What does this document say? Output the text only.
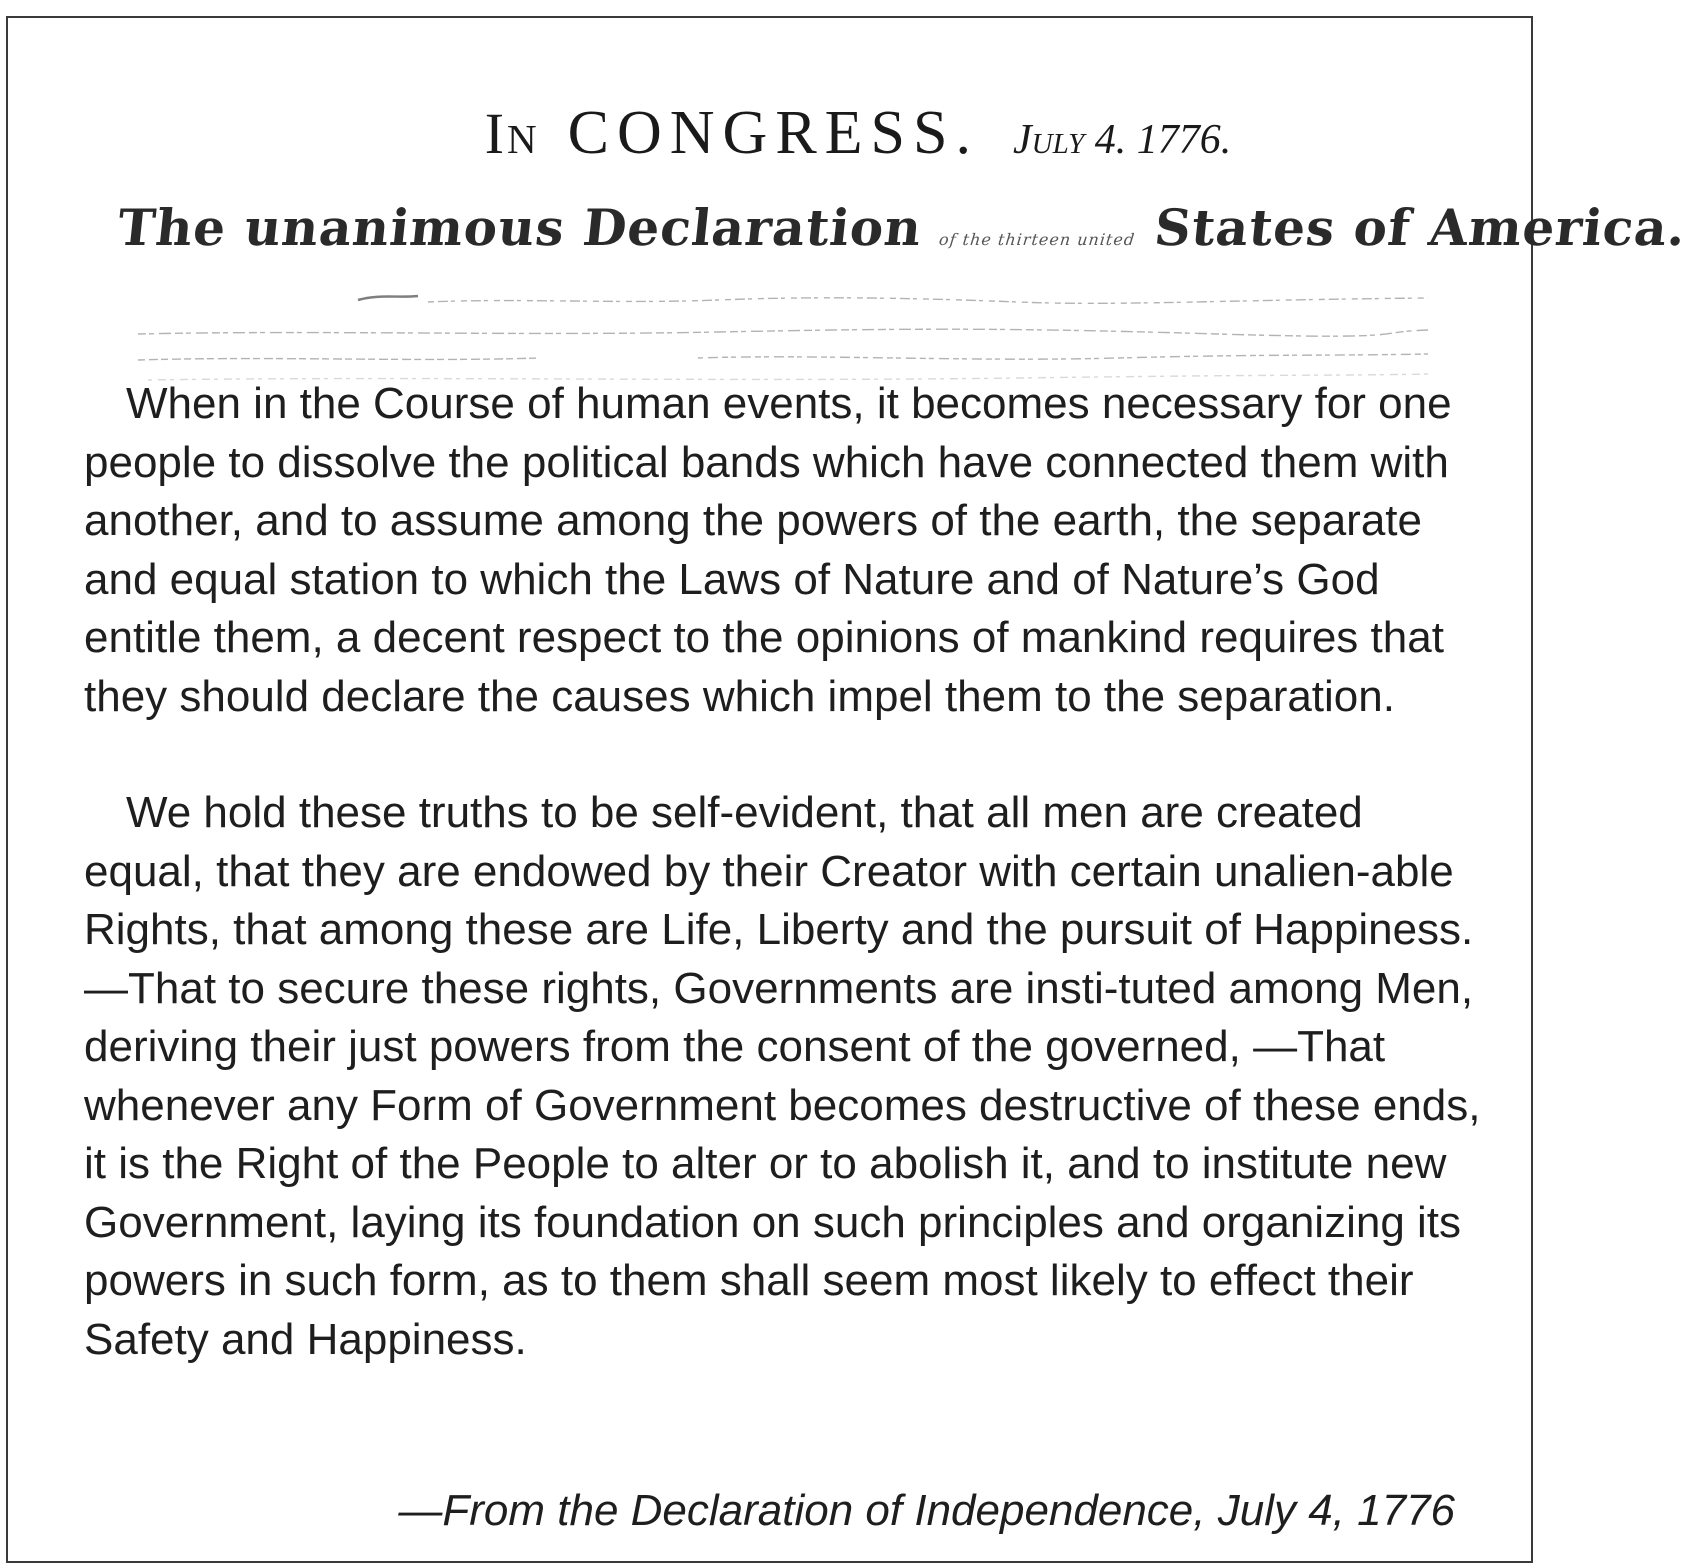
In CONGRESS. July 4. 1776.
The unanimous Declaration of the thirteen united States of America.

When in the Course of human events, it becomes necessary for one people to dissolve the political bands which have connected them with another, and to assume among the powers of the earth, the separate and equal station to which the Laws of Nature and of Nature’s God entitle them, a decent respect to the opinions of mankind requires that they should declare the causes which impel them to the separation.

We hold these truths to be self-evident, that all men are created equal, that they are endowed by their Creator with certain unalien-able Rights, that among these are Life, Liberty and the pursuit of Happiness.—That to secure these rights, Governments are insti-tuted among Men, deriving their just powers from the consent of the governed, —That whenever any Form of Government becomes destructive of these ends, it is the Right of the People to alter or to abolish it, and to institute new Government, laying its foundation on such principles and organizing its powers in such form, as to them shall seem most likely to effect their Safety and Happiness.

—From the Declaration of Independence, July 4, 1776
